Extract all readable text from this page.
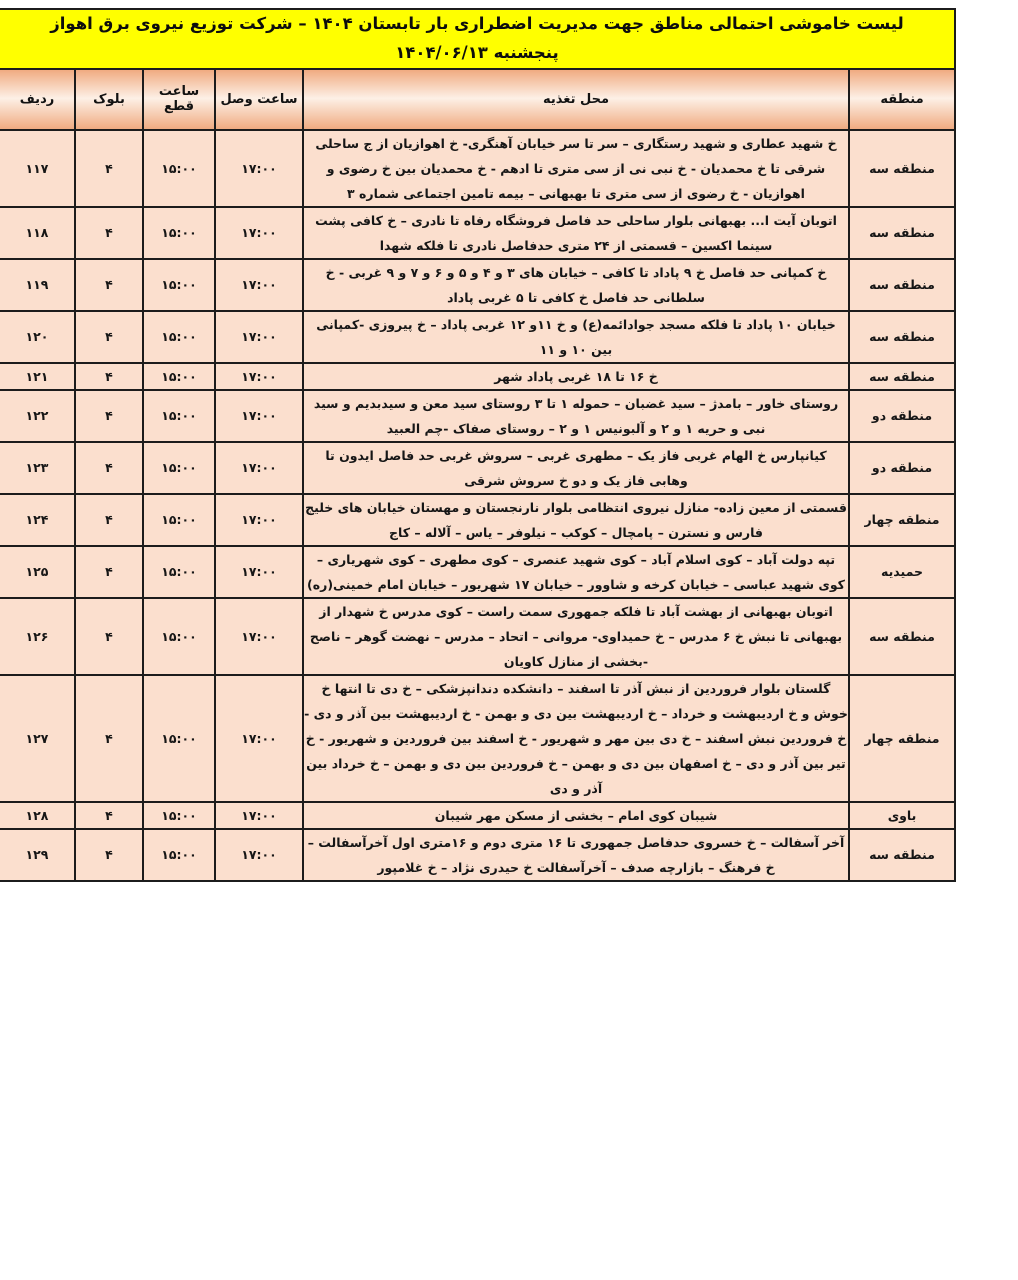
لیست خاموشی احتمالی مناطق جهت مدیریت اضطراری بار تابستان ۱۴۰۴ – شرکت توزیع نیروی برق اهواز
پنجشنبه ۱۴۰۴/۰۶/۱۳					

منطقه	محل تغذیه	ساعت وصل	ساعت قطع	بلوک	ردیف
منطقه سه	خ شهید عطاری و شهید رستگاری – سر تا سر خیابان آهنگری- خ اهوازیان از ج ساحلی شرقی تا خ محمدیان - خ نبی نی از سی متری تا ادهم - خ محمدیان بین خ رضوی و اهوازیان - خ رضوی از سی متری تا بهبهانی – بیمه تامین اجتماعی شماره ۳	۱۷:۰۰	۱۵:۰۰	۴	۱۱۷
منطقه سه	اتوبان آیت ا... بهبهانی بلوار ساحلی حد فاصل فروشگاه رفاه تا نادری – خ کافی پشت سینما اکسین – قسمتی از ۲۴ متری حدفاصل نادری تا فلکه شهدا	۱۷:۰۰	۱۵:۰۰	۴	۱۱۸
منطقه سه	خ کمپانی حد فاصل خ ۹ پاداد تا کافی – خیابان های ۳ و ۴ و ۵ و ۶ و ۷ و ۹ غربی - خ سلطانی حد فاصل خ کافی تا ۵ غربی پاداد	۱۷:۰۰	۱۵:۰۰	۴	۱۱۹
منطقه سه	خیابان ۱۰ پاداد تا فلکه مسجد جوادائمه(ع) و خ ۱۱و ۱۲ غربی پاداد – خ پیروزی -کمپانی بین ۱۰ و ۱۱	۱۷:۰۰	۱۵:۰۰	۴	۱۲۰
منطقه سه	خ ۱۶ تا ۱۸ غربی پاداد شهر	۱۷:۰۰	۱۵:۰۰	۴	۱۲۱
منطقه دو	روستای خاور – بامدژ – سید غضبان – حموله ۱ تا ۳ روستای سید معن و سیدبدیم و سید نبی و حریه ۱ و ۲ و آلبونیس ۱ و ۲ – روستای صفاک -چم العبید	۱۷:۰۰	۱۵:۰۰	۴	۱۲۲
منطقه دو	کیانپارس خ الهام غربی فاز یک – مطهری غربی – سروش غربی حد فاصل ایدون تا وهابی فاز یک و دو خ سروش شرقی	۱۷:۰۰	۱۵:۰۰	۴	۱۲۳
منطقه چهار	قسمتی از معین زاده- منازل نیروی انتظامی بلوار نارنجستان و مهستان خیابان های خلیج فارس و نسترن – پامچال – کوکب – نیلوفر – یاس – آلاله – کاج	۱۷:۰۰	۱۵:۰۰	۴	۱۲۴
حمیدیه	تپه دولت آباد – کوی اسلام آباد – کوی شهید عنصری – کوی مطهری – کوی شهریاری – کوی شهید عباسی – خیابان کرخه و شاوور – خیابان ۱۷ شهریور – خیابان امام خمینی(ره)	۱۷:۰۰	۱۵:۰۰	۴	۱۲۵
منطقه سه	اتوبان بهبهانی از بهشت آباد تا فلکه جمهوری سمت راست – کوی مدرس خ شهدار از بهبهانی تا نبش خ ۶ مدرس – خ حمیداوی- مروانی – اتحاد – مدرس – نهضت گوهر – ناصح -بخشی از منازل کاویان	۱۷:۰۰	۱۵:۰۰	۴	۱۲۶
منطقه چهار	گلستان بلوار فروردین از نبش آذر تا اسفند – دانشکده دندانپزشکی – خ دی تا انتها خ خوش و خ اردیبهشت و خرداد – خ اردیبهشت بین دی و بهمن - خ اردیبهشت بین آذر و دی - خ فروردین نبش اسفند – خ دی بین مهر و شهریور - خ اسفند بین فروردین و شهریور - خ تیر بین آذر و دی – خ اصفهان بین دی و بهمن – خ فروردین بین دی و بهمن – خ خرداد بین آذر و دی	۱۷:۰۰	۱۵:۰۰	۴	۱۲۷
باوی	شیبان کوی امام – بخشی از مسکن مهر شیبان	۱۷:۰۰	۱۵:۰۰	۴	۱۲۸
منطقه سه	آخر آسفالت – خ خسروی حدفاصل جمهوری تا ۱۶ متری دوم و ۱۶متری اول آخرآسفالت – خ فرهنگ – بازارچه صدف – آخرآسفالت خ حیدری نژاد – خ غلامپور	۱۷:۰۰	۱۵:۰۰	۴	۱۲۹
